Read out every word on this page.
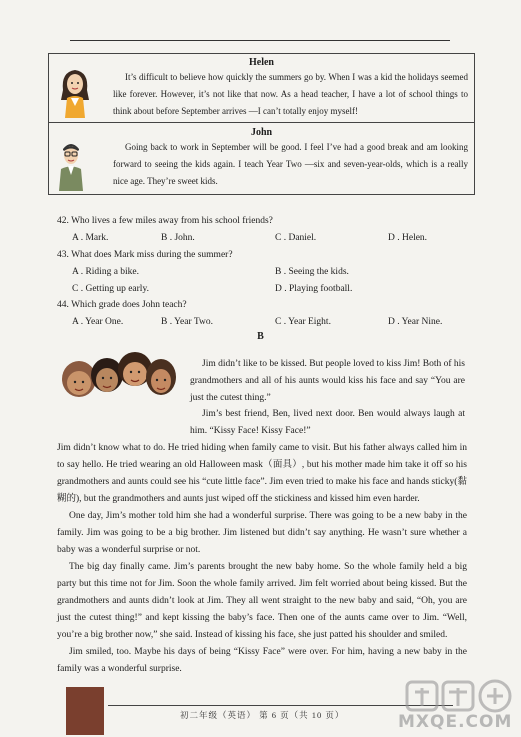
Helen
It’s difficult to believe how quickly the summers go by. When I was a kid the holidays seemed like forever. However, it’s not like that now. As a head teacher, I have a lot of school things to think about before September arrives —I can’t totally enjoy myself!
John
Going back to work in September will be good. I feel I’ve had a good break and am looking forward to seeing the kids again. I teach Year Two —six and seven-year-olds, which is a really nice age. They’re sweet kids.
42. Who lives a few miles away from his school friends?
A . Mark.	B . John.	C . Daniel.	D . Helen.
43. What does Mark miss during the summer?
A . Riding a bike.	B . Seeing the kids.
C . Getting up early.	D . Playing football.
44. Which grade does John teach?
A . Year One.	B . Year Two.	C . Year Eight.	D . Year Nine.
B
Jim didn’t like to be kissed. But people loved to kiss Jim! Both of his grandmothers and all of his aunts would kiss his face and say “You are just the cutest thing.”
Jim’s best friend, Ben, lived next door. Ben would always laugh at him. “Kissy Face! Kissy Face!”
Jim didn’t know what to do. He tried hiding when family came to visit. But his father always called him in to say hello. He tried wearing an old Halloween mask（面具）, but his mother made him take it off so his grandmothers and aunts could see his “cute little face”. Jim even tried to make his face and hands sticky(黏糊的), but the grandmothers and aunts just wiped off the stickiness and kissed him even harder.
One day, Jim’s mother told him she had a wonderful surprise. There was going to be a new baby in the family. Jim was going to be a big brother. Jim listened but didn’t say anything. He wasn’t sure whether a baby was a wonderful surprise or not.
The big day finally came. Jim’s parents brought the new baby home. So the whole family held a big party but this time not for Jim. Soon the whole family arrived. Jim felt worried about being kissed. But the grandmothers and aunts didn’t look at Jim. They all went straight to the new baby and said, “Oh, you are just the cutest thing!” and kept kissing the baby’s face. Then one of the aunts came over to Jim. “Well, you’re a big brother now,” she said. Instead of kissing his face, she just patted his shoulder and smiled.
Jim smiled, too. Maybe his days of being “Kissy Face” were over. For him, having a new baby in the family was a wonderful surprise.
初二年级（英语） 第 6 页（共 10 页）	MXQE.COM
